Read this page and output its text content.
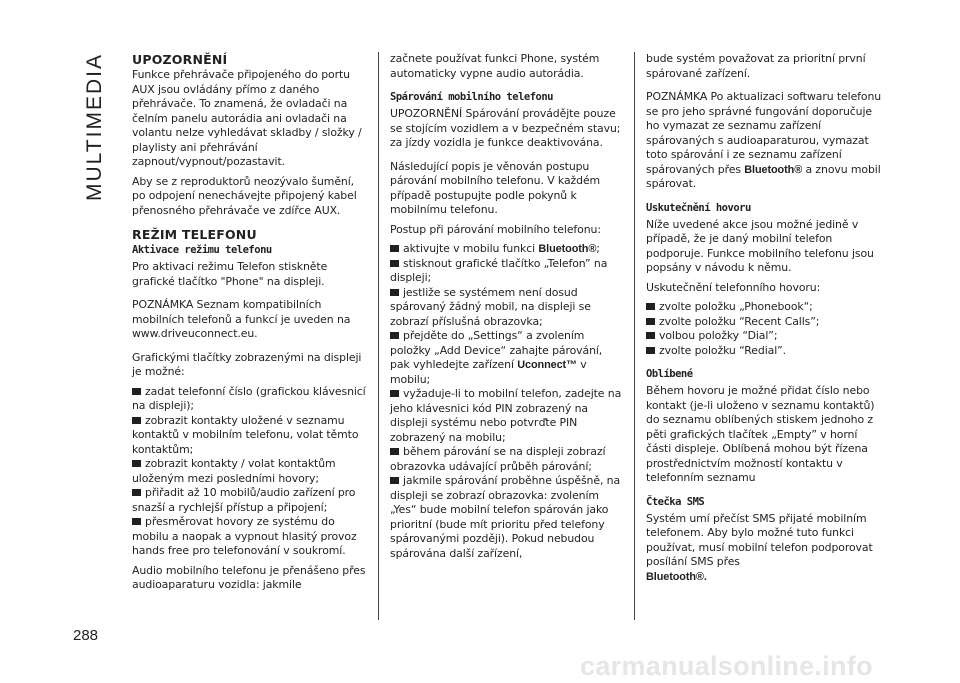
MULTIMEDIA UPOZORNĚNÍ

Funkce přehrávače připojeného do portu AUX jsou ovládány přímo z daného přehrávače. To znamená, že ovladači na čelním panelu autorádia ani ovladači na volantu nelze vyhledávat skladby / složky / playlisty ani přehrávání zapnout/vypnout/pozastavit.

Aby se z reproduktorů neozývalo šumění, po odpojení nenechávejte připojený kabel přenosného přehrávače ve zdířce AUX.

REŽIM TELEFONU
Aktivace režimu telefonu

Pro aktivaci režimu Telefon stiskněte grafické tlačítko "Phone" na displeji.

POZNÁMKA Seznam kompatibilních mobilních telefonů a funkcí je uveden na www.driveuconnect.eu.

Grafickými tlačítky zobrazenými na displeji je možné:

zadat telefonní číslo (grafickou klávesnicí na displeji);
zobrazit kontakty uložené v seznamu kontaktů v mobilním telefonu, volat těmto kontaktům;
zobrazit kontakty / volat kontaktům uloženým mezi posledními hovory;
přiřadit až 10 mobilů/audio zařízení pro snazší a rychlejší přístup a připojení;
přesměrovat hovory ze systému do mobilu a naopak a vypnout hlasitý provoz hands free pro telefonování v soukromí.

Audio mobilního telefonu je přenášeno přes audioaparaturu vozidla: jakmile

začnete používat funkci Phone, systém automaticky vypne audio autorádia.

Spárování mobilního telefonu

UPOZORNĚNÍ Spárování provádějte pouze se stojícím vozidlem a v bezpečném stavu; za jízdy vozidla je funkce deaktivována.

Následující popis je věnován postupu párování mobilního telefonu. V každém případě postupujte podle pokynů k mobilnímu telefonu.

Postup při párování mobilního telefonu:

aktivujte v mobilu funkci Bluetooth®;
stisknout grafické tlačítko „Telefon” na displeji;
jestliže se systémem není dosud spárovaný žádný mobil, na displeji se zobrazí příslušná obrazovka;
přejděte do „Settings“ a zvolením položky „Add Device“ zahajte párování, pak vyhledejte zařízení Uconnect™ v mobilu;
vyžaduje-li to mobilní telefon, zadejte na jeho klávesnici kód PIN zobrazený na displeji systému nebo potvrďte PIN zobrazený na mobilu;
během párování se na displeji zobrazí obrazovka udávající průběh párování;
jakmile spárování proběhne úspěšně, na displeji se zobrazí obrazovka: zvolením „Yes“ bude mobilní telefon spárován jako prioritní (bude mít prioritu před telefony spárovanými později). Pokud nebudou spárována další zařízení,

bude systém považovat za prioritní první spárované zařízení.

POZNÁMKA Po aktualizaci softwaru telefonu se pro jeho správné fungování doporučuje ho vymazat ze seznamu zařízení spárovaných s audioaparaturou, vymazat toto spárování i ze seznamu zařízení spárovaných přes Bluetooth® a znovu mobil spárovat.

Uskutečnění hovoru

Níže uvedené akce jsou možné jedině v případě, že je daný mobilní telefon podporuje. Funkce mobilního telefonu jsou popsány v návodu k němu.

Uskutečnění telefonního hovoru:

zvolte položku „Phonebook“;
zvolte položku “Recent Calls”;
volbou položky “Dial”;
zvolte položku “Redial”.
Oblíbené

Během hovoru je možné přidat číslo nebo kontakt (je-li uloženo v seznamu kontaktů) do seznamu oblíbených stiskem jednoho z pěti grafických tlačítek „Empty” v horní části displeje. Oblíbená mohou být řízena prostřednictvím možností kontaktu v telefonním seznamu

Čtečka SMS

Systém umí přečíst SMS přijaté mobilním telefonem. Aby bylo možné tuto funkci používat, musí mobilní telefon podporovat posílání SMS přes
Bluetooth®.

288
carmanualsonline.info
